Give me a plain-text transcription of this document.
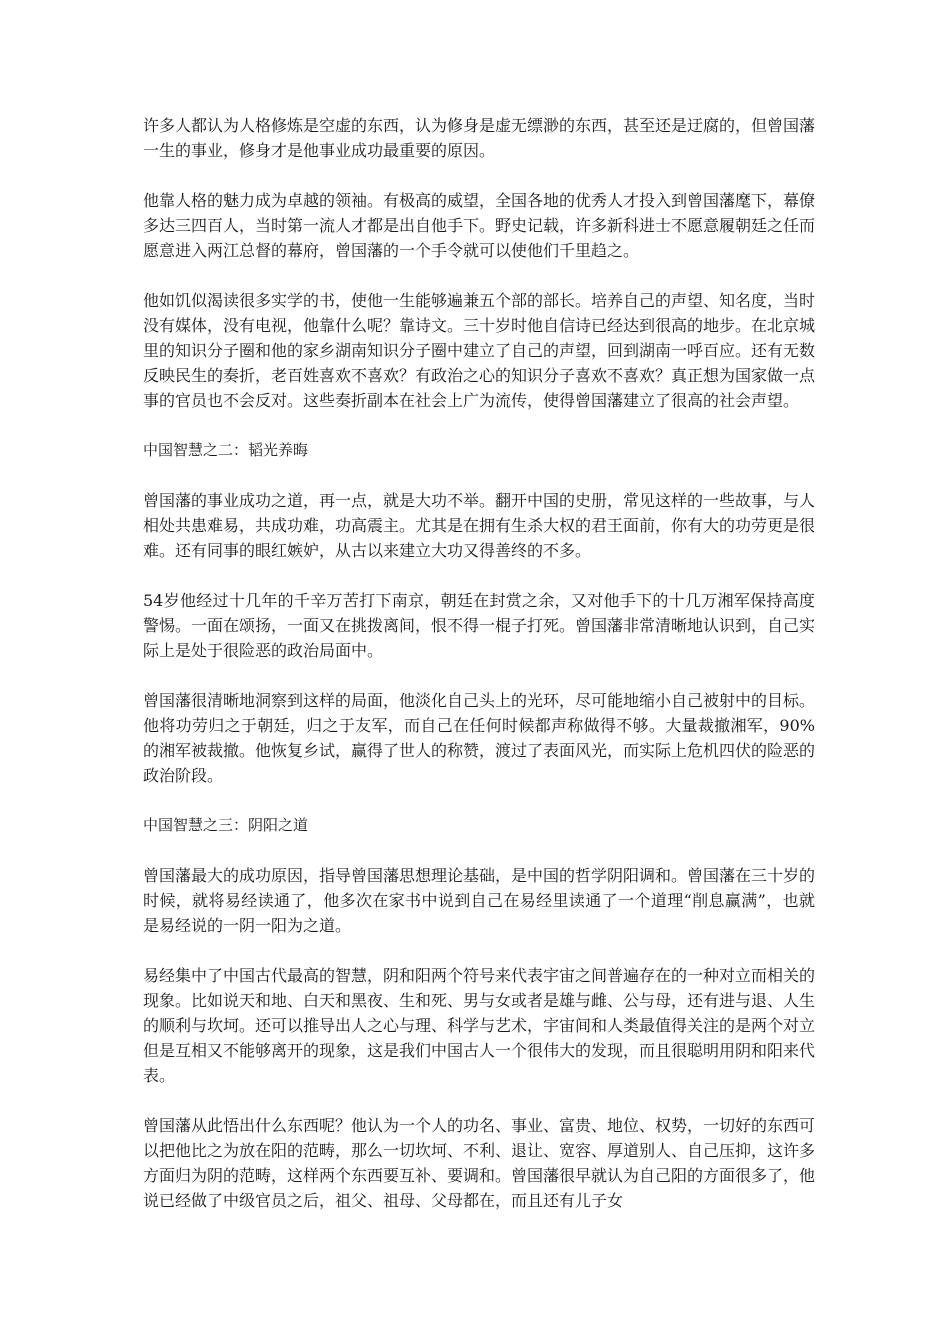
许多人都认为人格修炼是空虚的东西，认为修身是虚无缥渺的东西，甚至还是迂腐的，但曾国藩一生的事业，修身才是他事业成功最重要的原因。

他靠人格的魅力成为卓越的领袖。有极高的威望，全国各地的优秀人才投入到曾国藩麾下，幕僚多达三四百人，当时第一流人才都是出自他手下。野史记载，许多新科进士不愿意履朝廷之任而愿意进入两江总督的幕府，曾国藩的一个手令就可以使他们千里趋之。

他如饥似渴读很多实学的书，使他一生能够遍兼五个部的部长。培养自己的声望、知名度，当时没有媒体，没有电视，他靠什么呢？靠诗文。三十岁时他自信诗已经达到很高的地步。在北京城里的知识分子圈和他的家乡湖南知识分子圈中建立了自己的声望，回到湖南一呼百应。还有无数反映民生的奏折，老百姓喜欢不喜欢？有政治之心的知识分子喜欢不喜欢？真正想为国家做一点事的官员也不会反对。这些奏折副本在社会上广为流传，使得曾国藩建立了很高的社会声望。

中国智慧之二：韬光养晦

曾国藩的事业成功之道，再一点，就是大功不举。翻开中国的史册，常见这样的一些故事，与人相处共患难易，共成功难，功高震主。尤其是在拥有生杀大权的君王面前，你有大的功劳更是很难。还有同事的眼红嫉妒，从古以来建立大功又得善终的不多。

54岁他经过十几年的千辛万苦打下南京，朝廷在封赏之余，又对他手下的十几万湘军保持高度警惕。一面在颂扬，一面又在挑拨离间，恨不得一棍子打死。曾国藩非常清晰地认识到，自己实际上是处于很险恶的政治局面中。

曾国藩很清晰地洞察到这样的局面，他淡化自己头上的光环，尽可能地缩小自己被射中的目标。他将功劳归之于朝廷，归之于友军，而自己在任何时候都声称做得不够。大量裁撤湘军，90%的湘军被裁撤。他恢复乡试，赢得了世人的称赞，渡过了表面风光，而实际上危机四伏的险恶的政治阶段。

中国智慧之三：阴阳之道

曾国藩最大的成功原因，指导曾国藩思想理论基础，是中国的哲学阴阳调和。曾国藩在三十岁的时候，就将易经读通了，他多次在家书中说到自己在易经里读通了一个道理“削息赢满”，也就是易经说的一阴一阳为之道。

易经集中了中国古代最高的智慧，阴和阳两个符号来代表宇宙之间普遍存在的一种对立而相关的现象。比如说天和地、白天和黑夜、生和死、男与女或者是雄与雌、公与母，还有进与退、人生的顺利与坎坷。还可以推导出人之心与理、科学与艺术，宇宙间和人类最值得关注的是两个对立但是互相又不能够离开的现象，这是我们中国古人一个很伟大的发现，而且很聪明用阴和阳来代表。

曾国藩从此悟出什么东西呢？他认为一个人的功名、事业、富贵、地位、权势，一切好的东西可以把他比之为放在阳的范畴，那么一切坎坷、不利、退让、宽容、厚道别人、自己压抑，这许多方面归为阴的范畴，这样两个东西要互补、要调和。曾国藩很早就认为自己阳的方面很多了，他说已经做了中级官员之后，祖父、祖母、父母都在，而且还有儿子女
